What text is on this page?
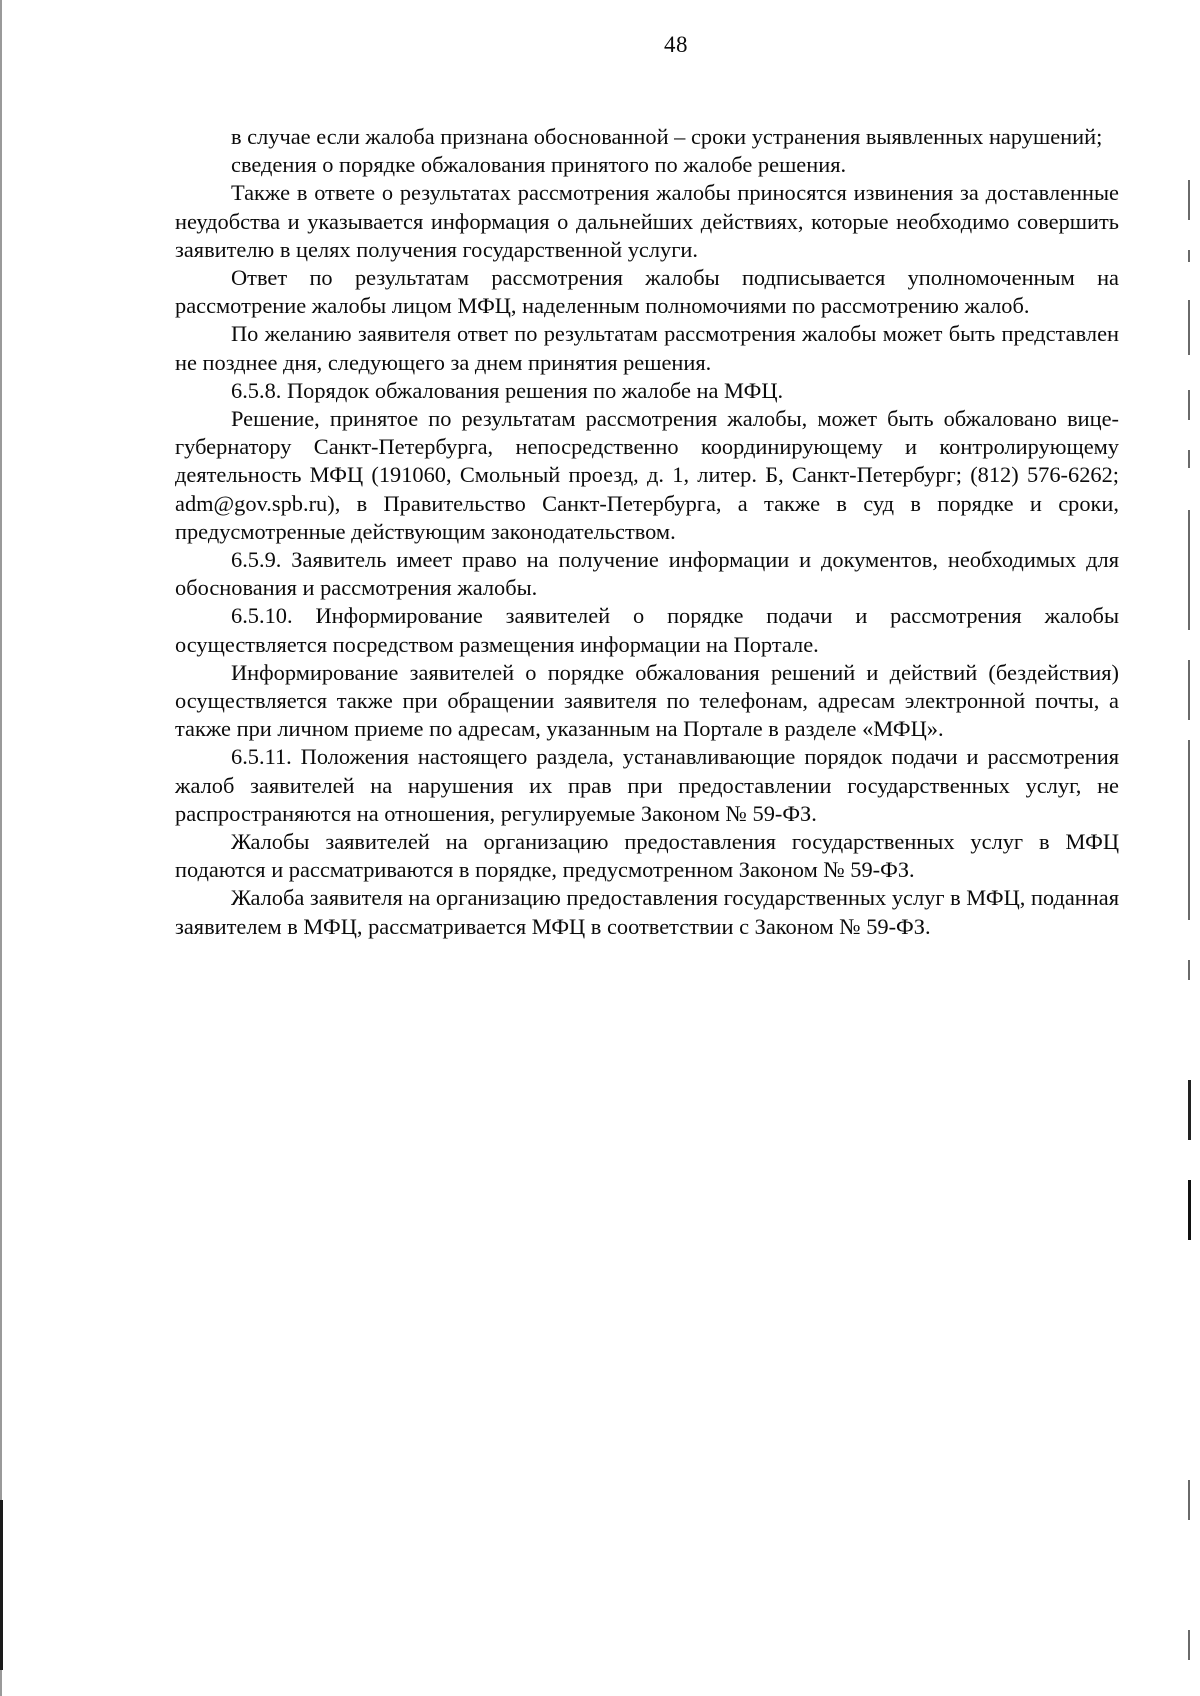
48

в случае если жалоба признана обоснованной – сроки устранения выявленных нарушений;

сведения о порядке обжалования принятого по жалобе решения.

Также в ответе о результатах рассмотрения жалобы приносятся извинения за доставленные неудобства и указывается информация о дальнейших действиях, которые необходимо совершить заявителю в целях получения государственной услуги.

Ответ по результатам рассмотрения жалобы подписывается уполномоченным на рассмотрение жалобы лицом МФЦ, наделенным полномочиями по рассмотрению жалоб.

По желанию заявителя ответ по результатам рассмотрения жалобы может быть представлен не позднее дня, следующего за днем принятия решения.

6.5.8. Порядок обжалования решения по жалобе на МФЦ.

Решение, принятое по результатам рассмотрения жалобы, может быть обжаловано вице-губернатору Санкт-Петербурга, непосредственно координирующему и контролирующему деятельность МФЦ (191060, Смольный проезд, д. 1, литер. Б, Санкт-Петербург; (812) 576-6262; adm@gov.spb.ru), в Правительство Санкт-Петербурга, а также в суд в порядке и сроки, предусмотренные действующим законодательством.

6.5.9. Заявитель имеет право на получение информации и документов, необходимых для обоснования и рассмотрения жалобы.

6.5.10. Информирование заявителей о порядке подачи и рассмотрения жалобы осуществляется посредством размещения информации на Портале.

Информирование заявителей о порядке обжалования решений и действий (бездействия) осуществляется также при обращении заявителя по телефонам, адресам электронной почты, а также при личном приеме по адресам, указанным на Портале в разделе «МФЦ».

6.5.11. Положения настоящего раздела, устанавливающие порядок подачи и рассмотрения жалоб заявителей на нарушения их прав при предоставлении государственных услуг, не распространяются на отношения, регулируемые Законом № 59-ФЗ.

Жалобы заявителей на организацию предоставления государственных услуг в МФЦ подаются и рассматриваются в порядке, предусмотренном Законом № 59-ФЗ.

Жалоба заявителя на организацию предоставления государственных услуг в МФЦ, поданная заявителем в МФЦ, рассматривается МФЦ в соответствии с Законом № 59-ФЗ.
